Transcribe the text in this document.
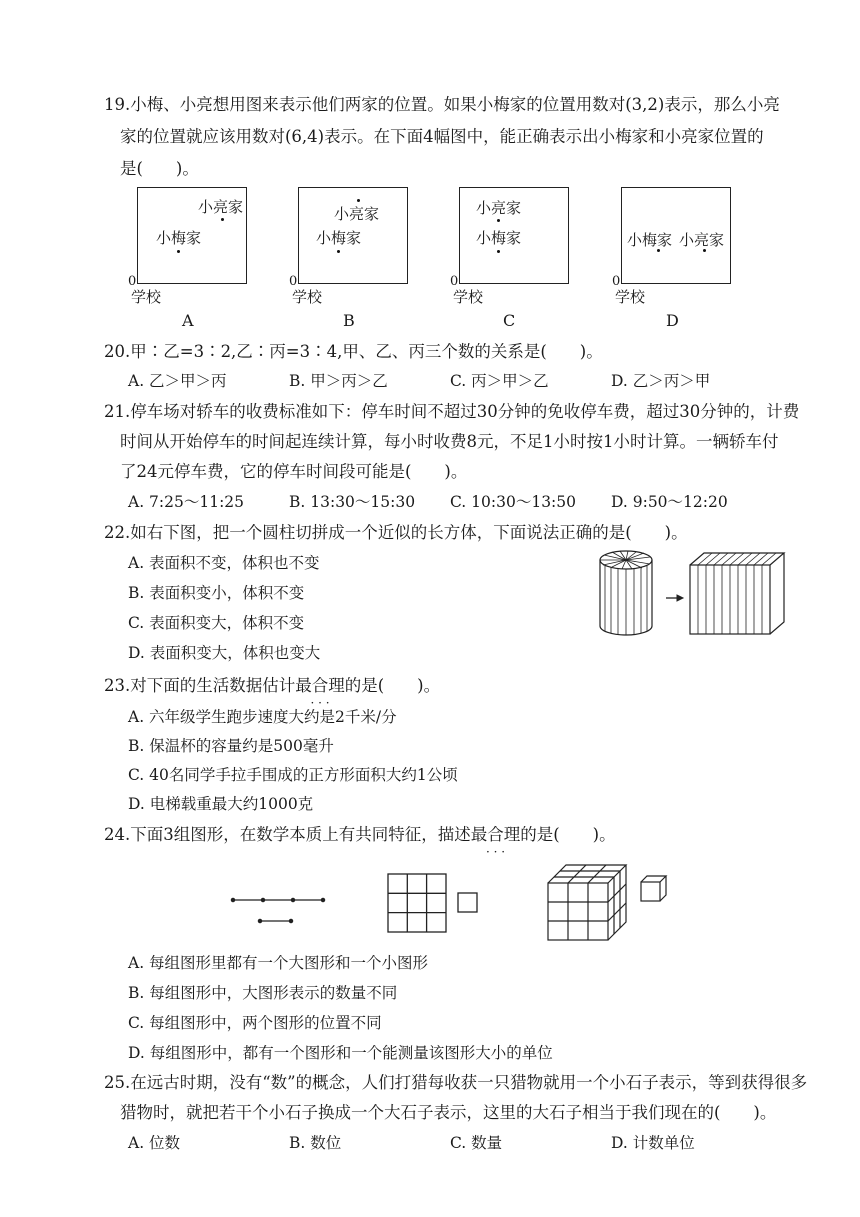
19.小梅、小亮想用图来表示他们两家的位置。如果小梅家的位置用数对(3,2)表示，那么小亮
家的位置就应该用数对(6,4)表示。在下面4幅图中，能正确表示出小梅家和小亮家位置的
是(　　)。
0
学校
小梅家
小亮家
A
0
学校
小亮家
小梅家
B
0
学校
小亮家
小梅家
C
0
学校
小梅家 小亮家
D
20.甲∶乙=3∶2,乙∶丙=3∶4,甲、乙、丙三个数的关系是(　　)。
A. 乙＞甲＞丙	B. 甲＞丙＞乙	C. 丙＞甲＞乙	D. 乙＞丙＞甲
21.停车场对轿车的收费标准如下：停车时间不超过30分钟的免收停车费，超过30分钟的，计费
时间从开始停车的时间起连续计算，每小时收费8元，不足1小时按1小时计算。一辆轿车付
了24元停车费，它的停车时间段可能是(　　)。
A. 7:25～11:25	B. 13:30～15:30 C. 10:30～13:50 D. 9:50～12:20
22.如右下图，把一个圆柱切拼成一个近似的长方体，下面说法正确的是(　　)。
A. 表面积不变，体积也不变
B. 表面积变小，体积不变
C. 表面积变大，体积不变
D. 表面积变大，体积也变大
23.对下面的生活数据估计最合理 · · ·的是(　　)。
A. 六年级学生跑步速度大约是2千米/分
B. 保温杯的容量约是500毫升
C. 40名同学手拉手围成的正方形面积大约1公顷
D. 电梯载重最大约1000克
24.下面3组图形，在数学本质上有共同特征，描述最合理 · · ·的是(　　)。
A. 每组图形里都有一个大图形和一个小图形
B. 每组图形中，大图形表示的数量不同
C. 每组图形中，两个图形的位置不同
D. 每组图形中，都有一个图形和一个能测量该图形大小的单位
25.在远古时期，没有“数”的概念，人们打猎每收获一只猎物就用一个小石子表示，等到获得很多
猎物时，就把若干个小石子换成一个大石子表示，这里的大石子相当于我们现在的(　　)。
A. 位数	B. 数位	C. 数量	D. 计数单位
